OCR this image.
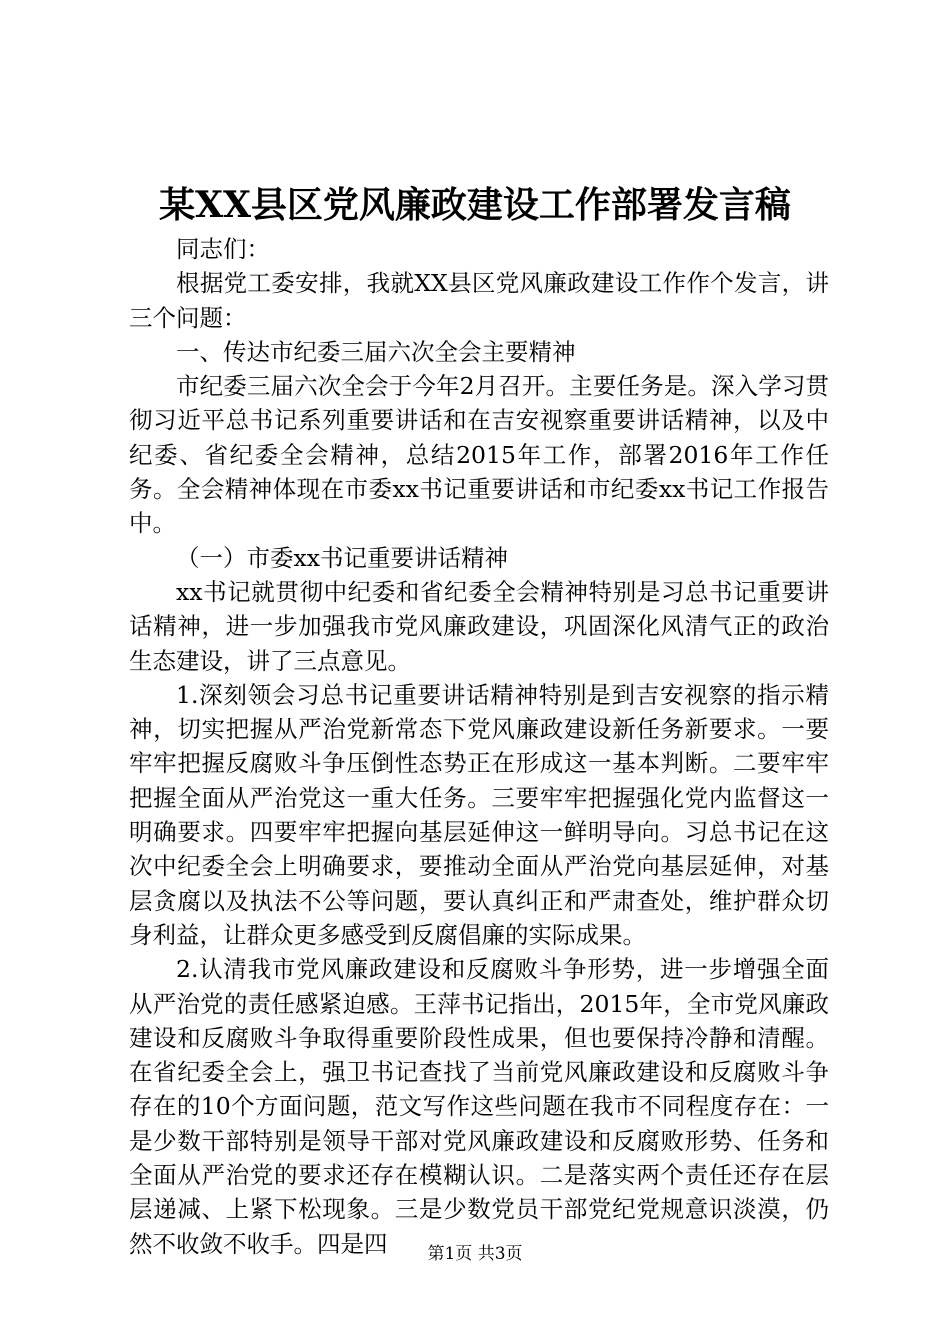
某XX县区党风廉政建设工作部署发言稿

同志们：

根据党工委安排，我就XX县区党风廉政建设工作作个发言，讲三个问题：

一、传达市纪委三届六次全会主要精神

市纪委三届六次全会于今年2月召开。主要任务是。深入学习贯彻习近平总书记系列重要讲话和在吉安视察重要讲话精神，以及中纪委、省纪委全会精神，总结2015年工作，部署2016年工作任务。全会精神体现在市委xx书记重要讲话和市纪委xx书记工作报告中。

（一）市委xx书记重要讲话精神

xx书记就贯彻中纪委和省纪委全会精神特别是习总书记重要讲话精神，进一步加强我市党风廉政建设，巩固深化风清气正的政治生态建设，讲了三点意见。

1.深刻领会习总书记重要讲话精神特别是到吉安视察的指示精神，切实把握从严治党新常态下党风廉政建设新任务新要求。一要牢牢把握反腐败斗争压倒性态势正在形成这一基本判断。二要牢牢把握全面从严治党这一重大任务。三要牢牢把握强化党内监督这一明确要求。四要牢牢把握向基层延伸这一鲜明导向。习总书记在这次中纪委全会上明确要求，要推动全面从严治党向基层延伸，对基层贪腐以及执法不公等问题，要认真纠正和严肃查处，维护群众切身利益，让群众更多感受到反腐倡廉的实际成果。

2.认清我市党风廉政建设和反腐败斗争形势，进一步增强全面从严治党的责任感紧迫感。王萍书记指出，2015年，全市党风廉政建设和反腐败斗争取得重要阶段性成果，但也要保持冷静和清醒。在省纪委全会上，强卫书记查找了当前党风廉政建设和反腐败斗争存在的10个方面问题，范文写作这些问题在我市不同程度存在：一是少数干部特别是领导干部对党风廉政建设和反腐败形势、任务和全面从严治党的要求还存在模糊认识。二是落实两个责任还存在层层递减、上紧下松现象。三是少数党员干部党纪党规意识淡漠，仍然不收敛不收手。四是四	第1页 共3页
